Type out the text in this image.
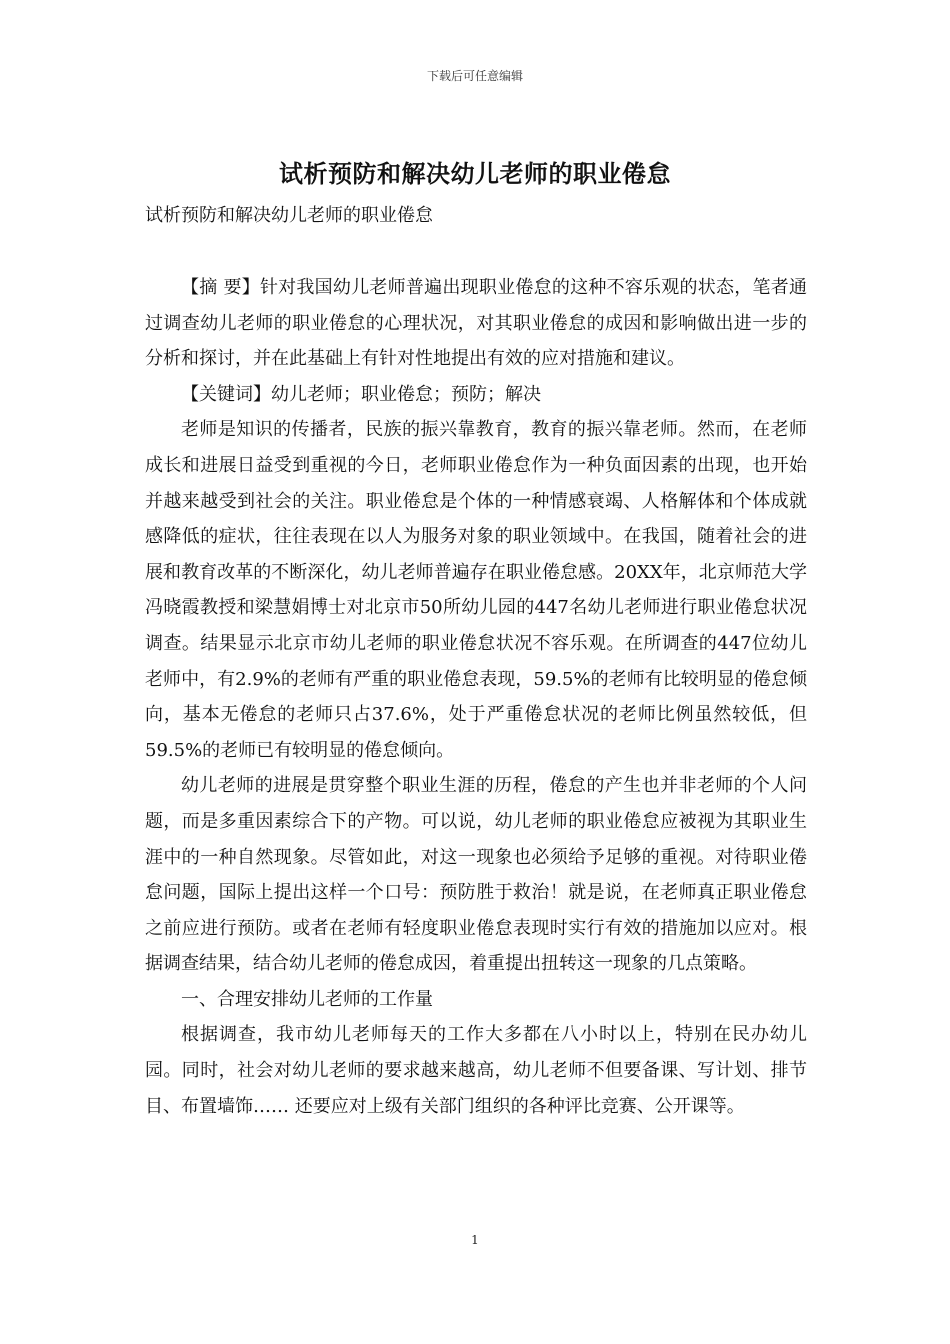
下载后可任意编辑
试析预防和解决幼儿老师的职业倦怠
试析预防和解决幼儿老师的职业倦怠

【摘 要】针对我国幼儿老师普遍出现职业倦怠的这种不容乐观的状态，笔者通过调查幼儿老师的职业倦怠的心理状况，对其职业倦怠的成因和影响做出进一步的分析和探讨，并在此基础上有针对性地提出有效的应对措施和建议。

【关键词】幼儿老师；职业倦怠；预防；解决

老师是知识的传播者，民族的振兴靠教育，教育的振兴靠老师。然而，在老师成长和进展日益受到重视的今日，老师职业倦怠作为一种负面因素的出现，也开始并越来越受到社会的关注。职业倦怠是个体的一种情感衰竭、人格解体和个体成就感降低的症状，往往表现在以人为服务对象的职业领域中。在我国，随着社会的进展和教育改革的不断深化，幼儿老师普遍存在职业倦怠感。20XX年，北京师范大学冯晓霞教授和梁慧娟博士对北京市50所幼儿园的447名幼儿老师进行职业倦怠状况调查。结果显示北京市幼儿老师的职业倦怠状况不容乐观。在所调查的447位幼儿老师中，有2.9%的老师有严重的职业倦怠表现，59.5%的老师有比较明显的倦怠倾向，基本无倦怠的老师只占37.6%，处于严重倦怠状况的老师比例虽然较低，但59.5%的老师已有较明显的倦怠倾向。

幼儿老师的进展是贯穿整个职业生涯的历程，倦怠的产生也并非老师的个人问题，而是多重因素综合下的产物。可以说，幼儿老师的职业倦怠应被视为其职业生涯中的一种自然现象。尽管如此，对这一现象也必须给予足够的重视。对待职业倦怠问题，国际上提出这样一个口号：预防胜于救治！就是说，在老师真正职业倦怠之前应进行预防。或者在老师有轻度职业倦怠表现时实行有效的措施加以应对。根据调查结果，结合幼儿老师的倦怠成因，着重提出扭转这一现象的几点策略。

一、合理安排幼儿老师的工作量

根据调查，我市幼儿老师每天的工作大多都在八小时以上，特别在民办幼儿园。同时，社会对幼儿老师的要求越来越高，幼儿老师不但要备课、写计划、排节目、布置墙饰…… 还要应对上级有关部门组织的各种评比竞赛、公开课等。

1
